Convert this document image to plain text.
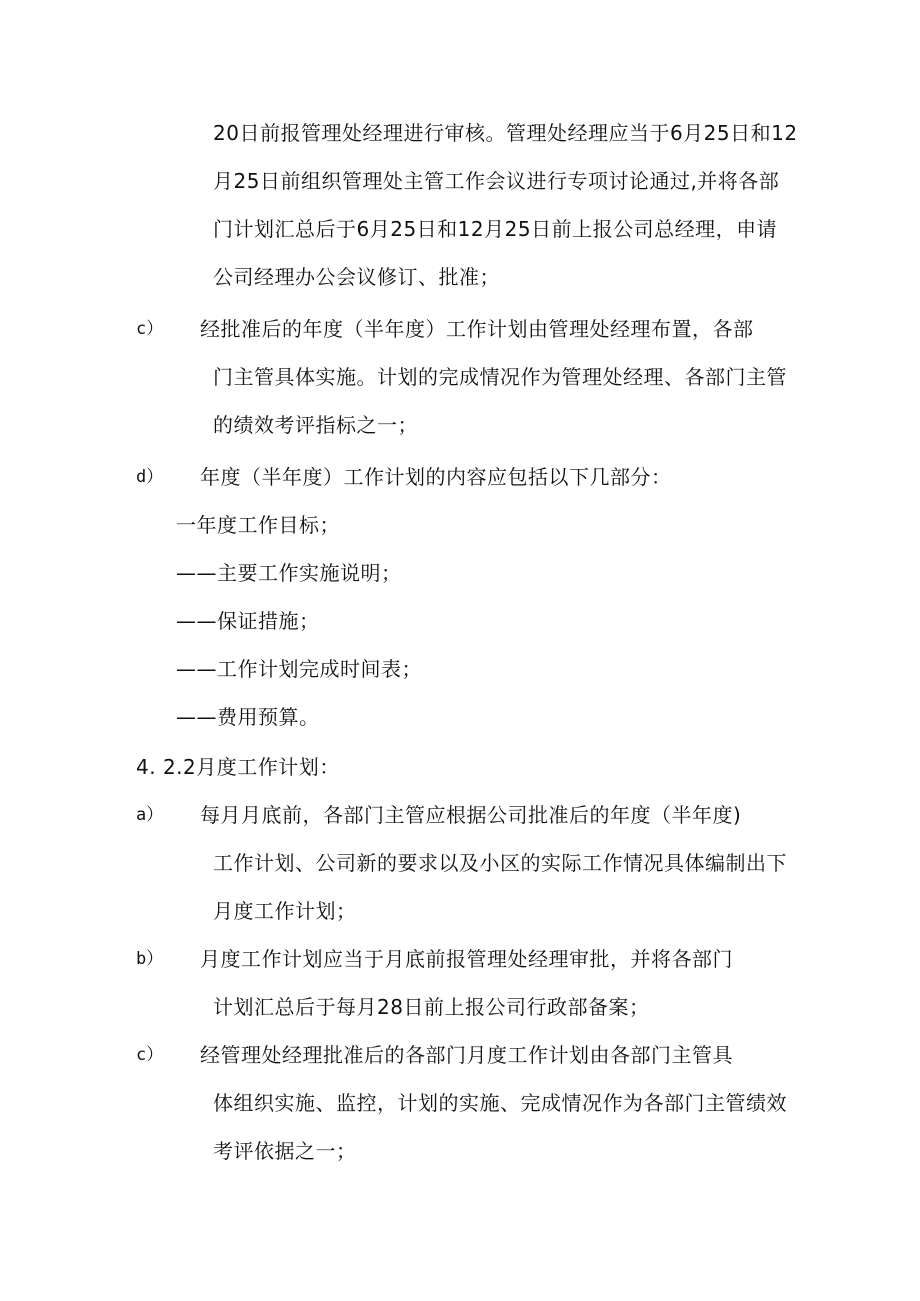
20日前报管理处经理进行审核。管理处经理应当于6月25日和12
月25日前组织管理处主管工作会议进行专项讨论通过,并将各部
门计划汇总后于6月25日和12月25日前上报公司总经理，申请
公司经理办公会议修订、批准；
c） 经批准后的年度（半年度）工作计划由管理处经理布置，各部
门主管具体实施。计划的完成情况作为管理处经理、各部门主管
的绩效考评指标之一；
d） 年度（半年度）工作计划的内容应包括以下几部分：
一年度工作目标；
——主要工作实施说明；
——保证措施；
——工作计划完成时间表；
——费用预算。
4. 2.2月度工作计划：
a） 每月月底前，各部门主管应根据公司批准后的年度（半年度)
工作计划、公司新的要求以及小区的实际工作情况具体编制出下
月度工作计划；
b） 月度工作计划应当于月底前报管理处经理审批，并将各部门
计划汇总后于每月28日前上报公司行政部备案；
c） 经管理处经理批准后的各部门月度工作计划由各部门主管具
体组织实施、监控，计划的实施、完成情况作为各部门主管绩效
考评依据之一；
